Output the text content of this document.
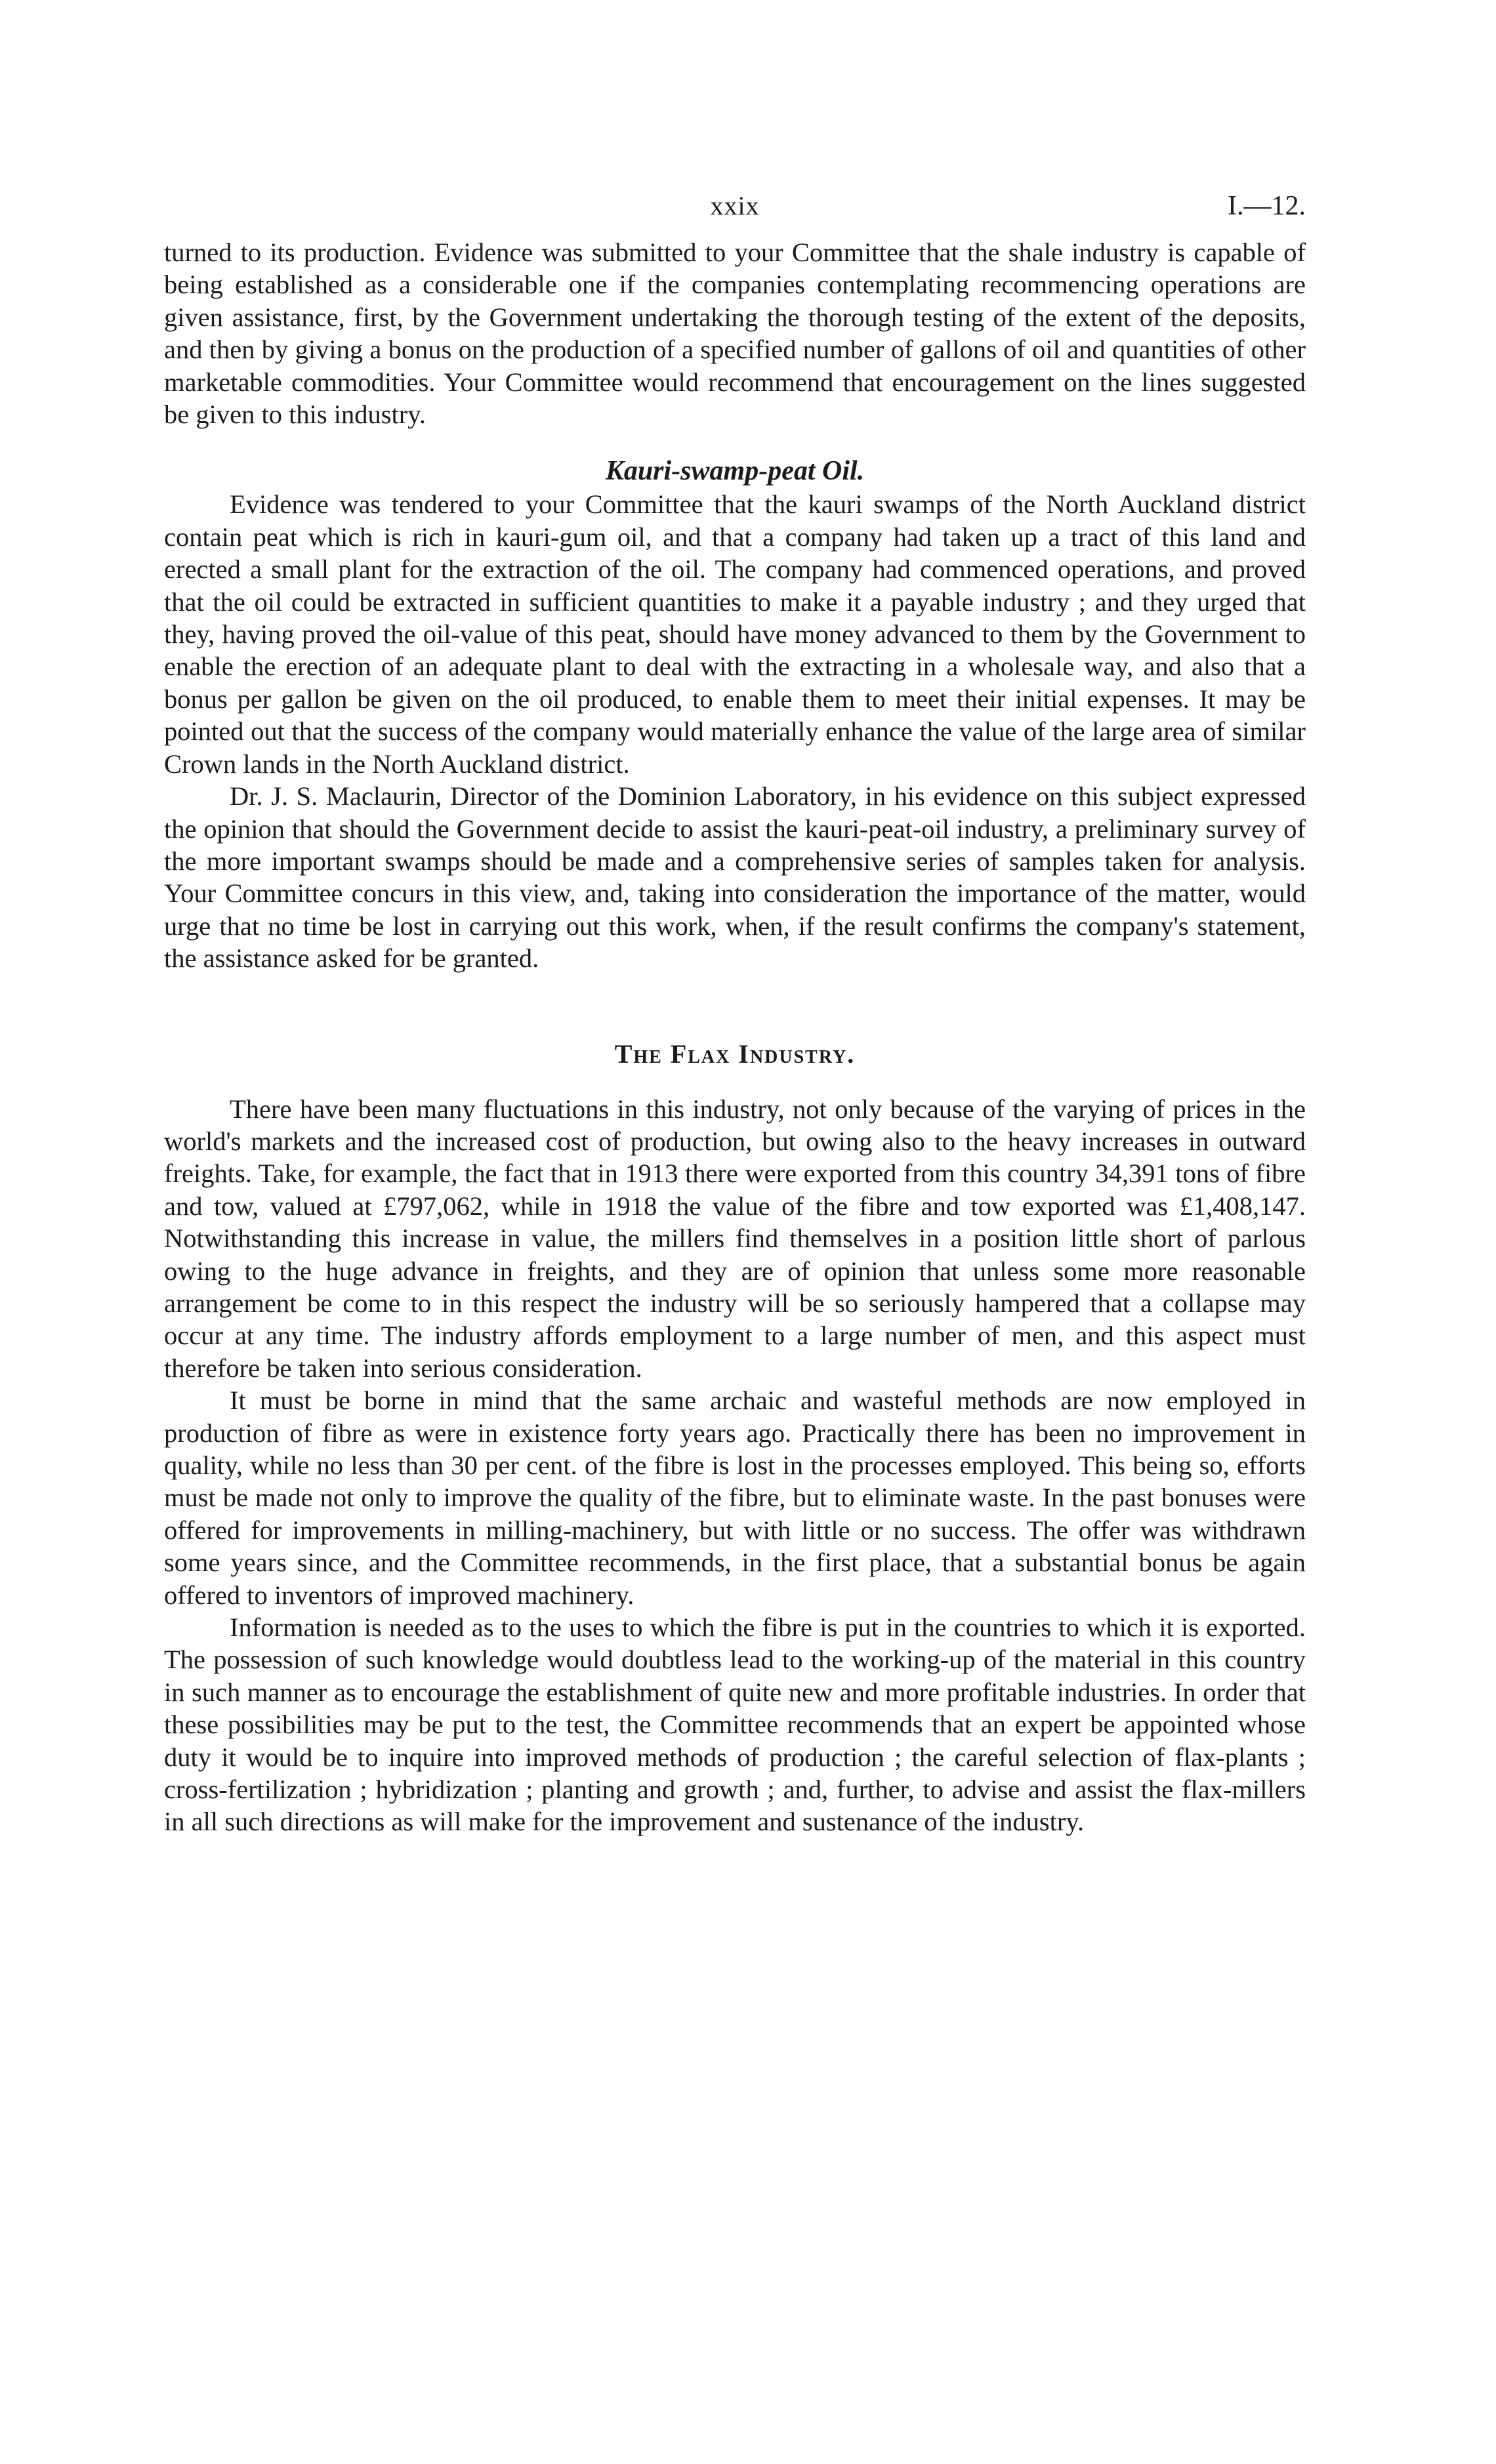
xxix	I.—12.

turned to its production. Evidence was submitted to your Committee that the shale industry is capable of being established as a considerable one if the companies contemplating recommencing operations are given assistance, first, by the Government undertaking the thorough testing of the extent of the deposits, and then by giving a bonus on the production of a specified number of gallons of oil and quantities of other marketable commodities. Your Committee would recommend that encouragement on the lines suggested be given to this industry.

Kauri-swamp-peat Oil.

Evidence was tendered to your Committee that the kauri swamps of the North Auckland district contain peat which is rich in kauri-gum oil, and that a company had taken up a tract of this land and erected a small plant for the extraction of the oil. The company had commenced operations, and proved that the oil could be extracted in sufficient quantities to make it a payable industry ; and they urged that they, having proved the oil-value of this peat, should have money advanced to them by the Government to enable the erection of an adequate plant to deal with the extracting in a wholesale way, and also that a bonus per gallon be given on the oil produced, to enable them to meet their initial expenses. It may be pointed out that the success of the company would materially enhance the value of the large area of similar Crown lands in the North Auckland district.

Dr. J. S. Maclaurin, Director of the Dominion Laboratory, in his evidence on this subject expressed the opinion that should the Government decide to assist the kauri-peat-oil industry, a preliminary survey of the more important swamps should be made and a comprehensive series of samples taken for analysis. Your Committee concurs in this view, and, taking into consideration the importance of the matter, would urge that no time be lost in carrying out this work, when, if the result confirms the company's statement, the assistance asked for be granted.

The Flax Industry.

There have been many fluctuations in this industry, not only because of the varying of prices in the world's markets and the increased cost of production, but owing also to the heavy increases in outward freights. Take, for example, the fact that in 1913 there were exported from this country 34,391 tons of fibre and tow, valued at £797,062, while in 1918 the value of the fibre and tow exported was £1,408,147. Notwithstanding this increase in value, the millers find themselves in a position little short of parlous owing to the huge advance in freights, and they are of opinion that unless some more reasonable arrangement be come to in this respect the industry will be so seriously hampered that a collapse may occur at any time. The industry affords employment to a large number of men, and this aspect must therefore be taken into serious consideration.

It must be borne in mind that the same archaic and wasteful methods are now employed in production of fibre as were in existence forty years ago. Practically there has been no improvement in quality, while no less than 30 per cent. of the fibre is lost in the processes employed. This being so, efforts must be made not only to improve the quality of the fibre, but to eliminate waste. In the past bonuses were offered for improvements in milling-machinery, but with little or no success. The offer was withdrawn some years since, and the Committee recommends, in the first place, that a substantial bonus be again offered to inventors of improved machinery.

Information is needed as to the uses to which the fibre is put in the countries to which it is exported. The possession of such knowledge would doubtless lead to the working-up of the material in this country in such manner as to encourage the establishment of quite new and more profitable industries. In order that these possibilities may be put to the test, the Committee recommends that an expert be appointed whose duty it would be to inquire into improved methods of production ; the careful selection of flax-plants ; cross-fertilization ; hybridization ; planting and growth ; and, further, to advise and assist the flax-millers in all such directions as will make for the improvement and sustenance of the industry.
